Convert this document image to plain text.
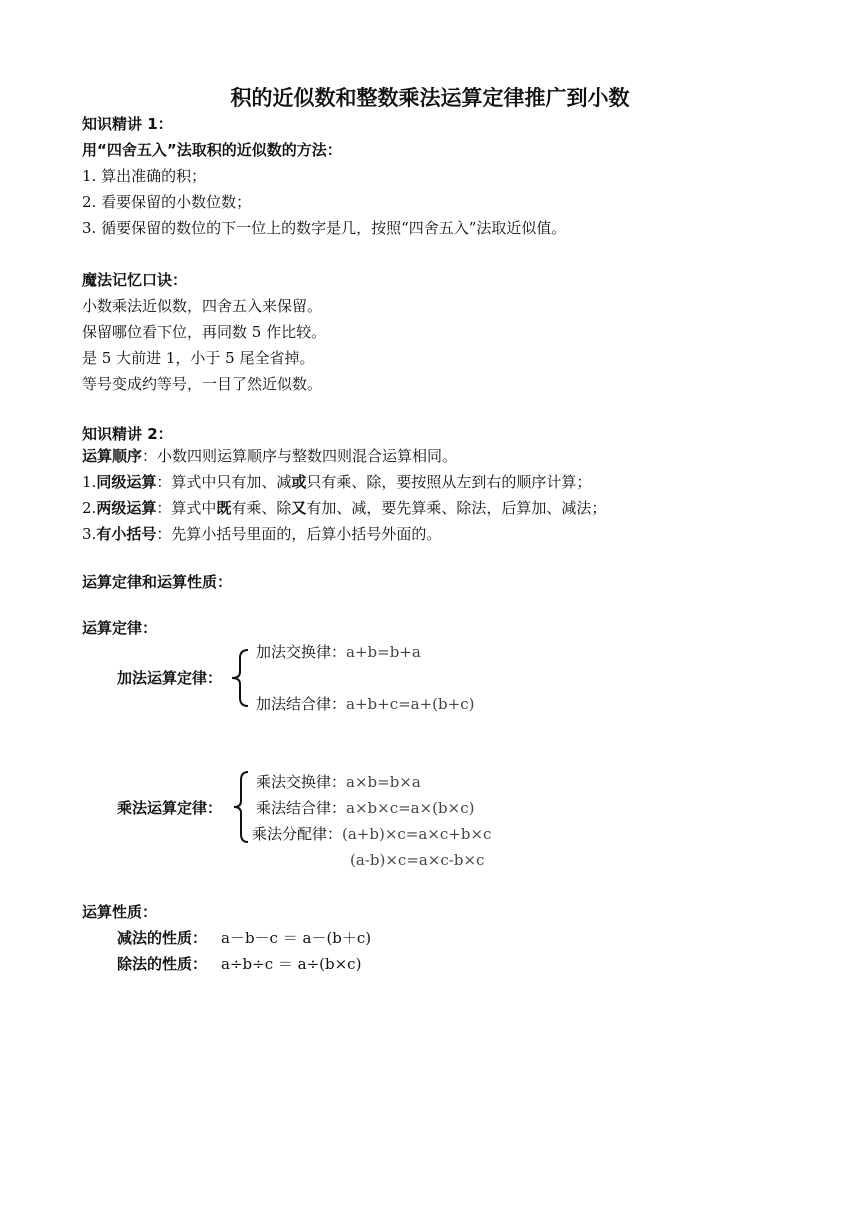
积的近似数和整数乘法运算定律推广到小数
知识精讲 1：
用“四舍五入”法取积的近似数的方法：
1. 算出准确的积；
2. 看要保留的小数位数；
3. 循要保留的数位的下一位上的数字是几，按照“四舍五入”法取近似值。
魔法记忆口诀：
小数乘法近似数，四舍五入来保留。
保留哪位看下位，再同数 5 作比较。
是 5 大前进 1，小于 5 尾全省掉。
等号变成约等号，一目了然近似数。
知识精讲 2：
运算顺序：小数四则运算顺序与整数四则混合运算相同。
1.同级运算：算式中只有加、减或只有乘、除，要按照从左到右的顺序计算；
2.两级运算：算式中既有乘、除又有加、减，要先算乘、除法，后算加、减法；
3.有小括号：先算小括号里面的，后算小括号外面的。
运算定律和运算性质：
运算定律：
加法运算定律：
加法交换律：a+b=b+a
加法结合律：a+b+c=a+(b+c)
乘法运算定律：
乘法交换律：a×b=b×a
乘法结合律：a×b×c=a×(b×c)
乘法分配律：(a+b)×c=a×c+b×c
(a-b)×c=a×c-b×c
运算性质：
减法的性质： a－b－c ＝ a－(b＋c)
除法的性质： a÷b÷c ＝ a÷(b×c)
